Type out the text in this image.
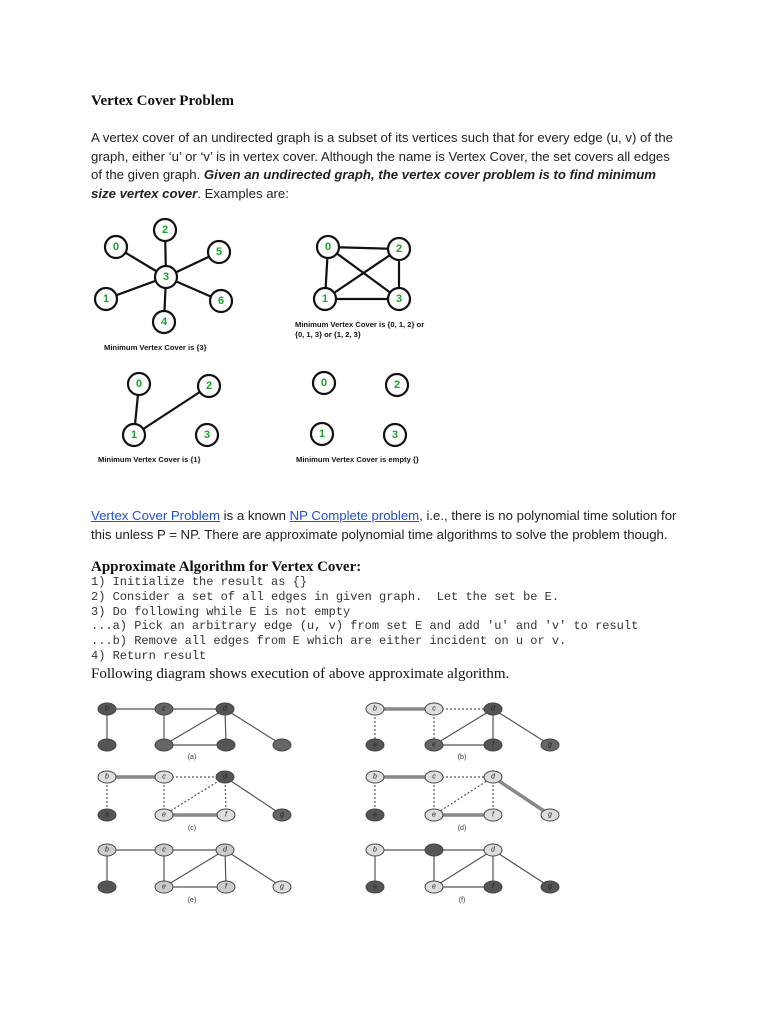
Vertex Cover Problem
A vertex cover of an undirected graph is a subset of its vertices such that for every edge (u, v) of the graph, either ‘u’ or ‘v’ is in vertex cover. Although the name is Vertex Cover, the set covers all edges of the given graph. Given an undirected graph, the vertex cover problem is to find minimum size vertex cover. Examples are:
0
2
5
3
1	6
4
0	2
1	3
0	2
1	3
0	2
1	3
Minimum Vertex Cover is {3}
Minimum Vertex Cover is {0, 1, 2} or
{0, 1, 3} or {1, 2, 3}
Minimum Vertex Cover is {1}	Minimum Vertex Cover is empty {}
Vertex Cover Problem is a known NP Complete problem, i.e., there is no polynomial time solution for this unless P = NP. There are approximate polynomial time algorithms to solve the problem though.
Approximate Algorithm for Vertex Cover:
1) Initialize the result as {}
2) Consider a set of all edges in given graph.  Let the set be E.
3) Do following while E is not empty
...a) Pick an arbitrary edge (u, v) from set E and add 'u' and 'v' to result
...b) Remove all edges from E which are either incident on u or v.
4) Return result
Following diagram shows execution of above approximate algorithm.
b	c	d	b	c	d
a	e	f	g
b	c	d
a	e	f	g
b	c	d
a	e	f	g
b	c	d
e	f	g
b	d
a	e	f	g
(a)	(b)
(c)	(d)
(e)	(f)
